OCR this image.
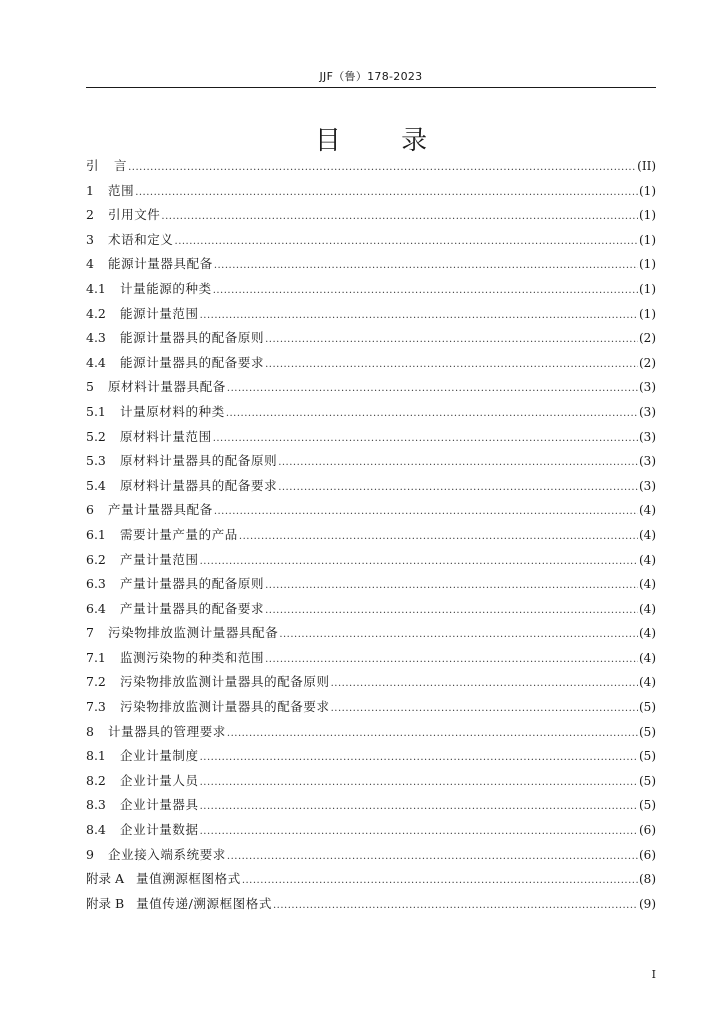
JJF（鲁）178-2023
目 录
引	言 .....	(II)
1	范围 .....	(1)
2	引用文件 .....	(1)
3	术语和定义 .....	(1)
4	能源计量器具配备 .....	(1)
4.1	计量能源的种类 .....	(1)
4.2	能源计量范围 .....	(1)
4.3	能源计量器具的配备原则 .....	(2)
4.4	能源计量器具的配备要求 .....	(2)
5	原材料计量器具配备 .....	(3)
5.1	计量原材料的种类 .....	(3)
5.2	原材料计量范围 .....	(3)
5.3	原材料计量器具的配备原则 .....	(3)
5.4	原材料计量器具的配备要求 .....	(3)
6	产量计量器具配备 .....	(4)
6.1	需要计量产量的产品 .....	(4)
6.2	产量计量范围 .....	(4)
6.3	产量计量器具的配备原则 .....	(4)
6.4	产量计量器具的配备要求 .....	(4)
7	污染物排放监测计量器具配备 .....	(4)
7.1	监测污染物的种类和范围 .....	(4)
7.2	污染物排放监测计量器具的配备原则 .....	(4)
7.3	污染物排放监测计量器具的配备要求 .....	(5)
8	计量器具的管理要求 .....	(5)
8.1	企业计量制度 .....	(5)
8.2	企业计量人员 .....	(5)
8.3	企业计量器具 .....	(5)
8.4	企业计量数据 .....	(6)
9	企业接入端系统要求 .....	(6)
附录 A 量值溯源框图格式 .....	(8)
附录 B 量值传递/溯源框图格式 .....	(9)
I
